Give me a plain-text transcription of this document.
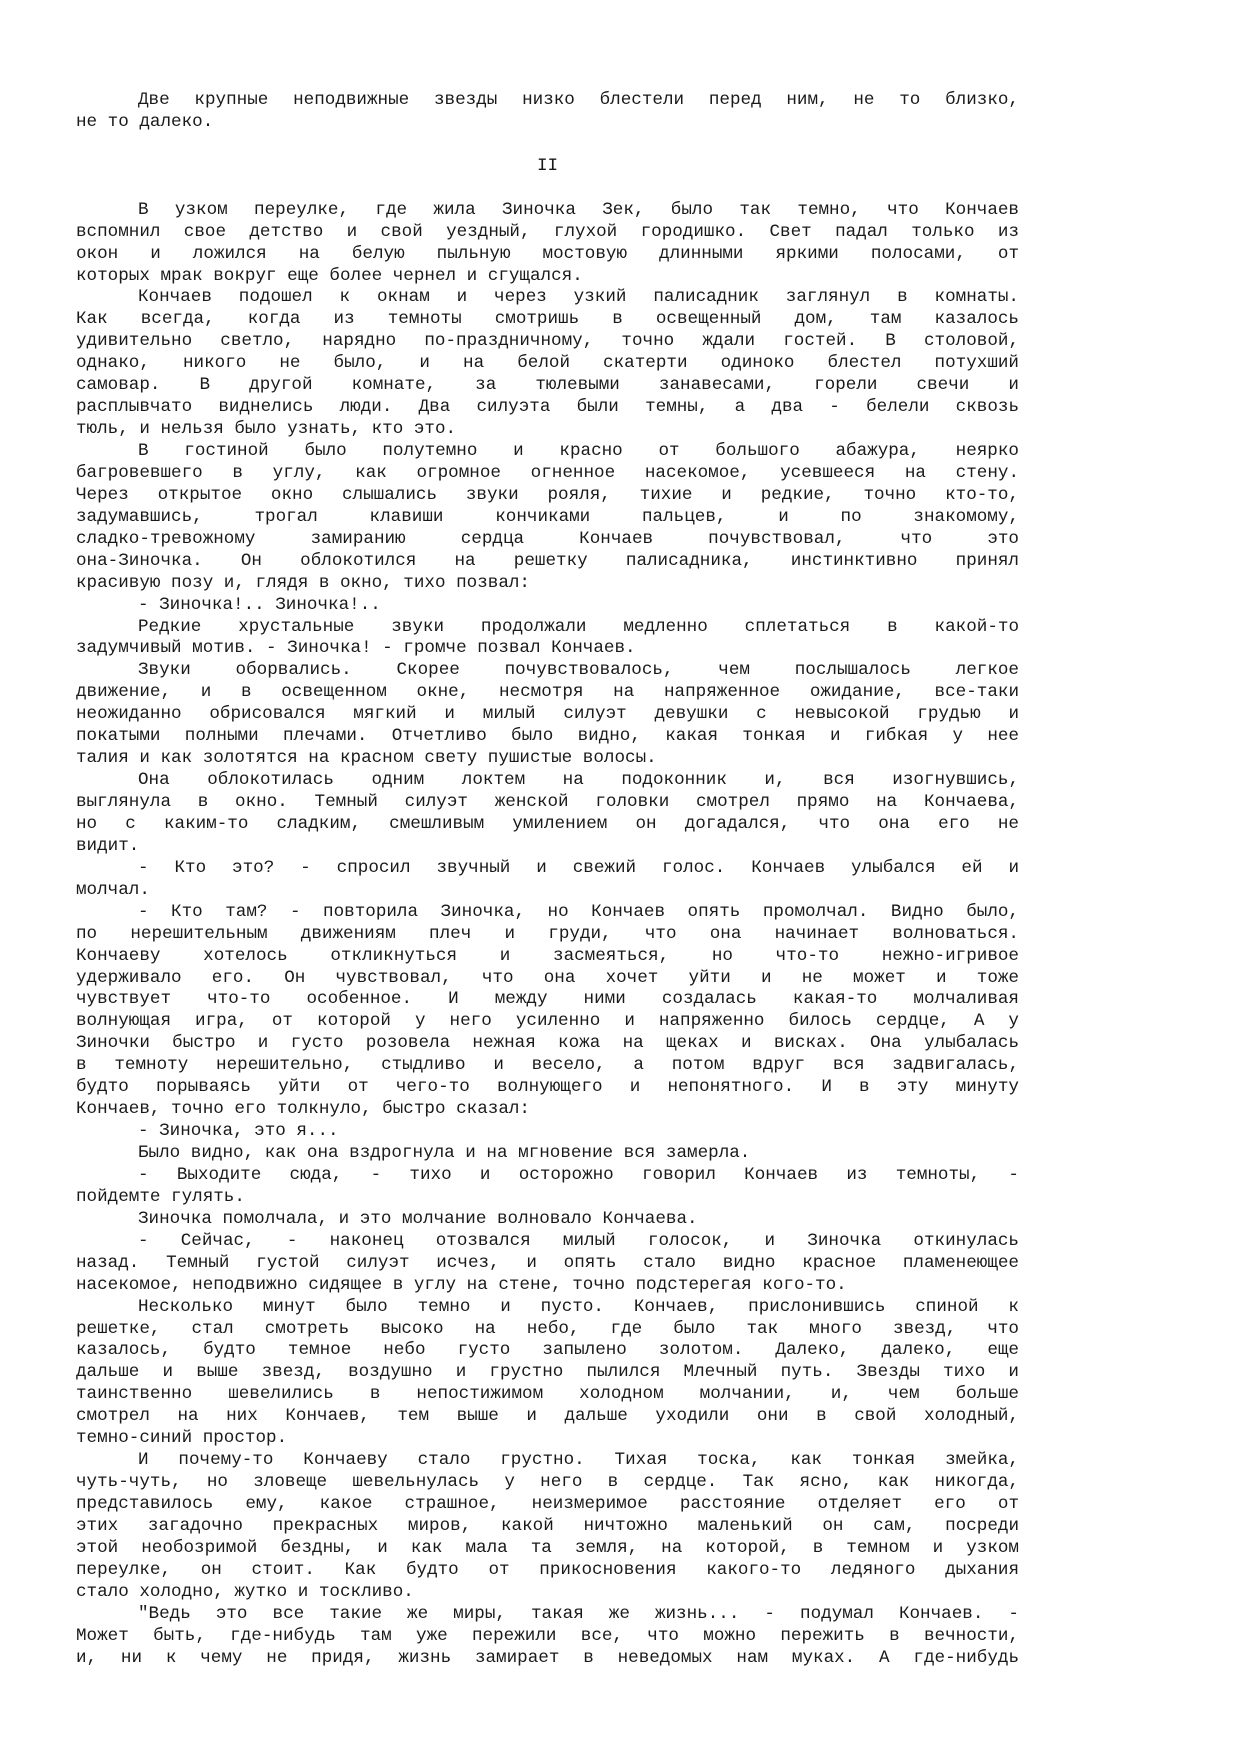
Две крупные неподвижные звезды низко блестели перед ним, не то близко,
не то далеко.
II
В узком переулке, где жила Зиночка Зек, было так темно, что Кончаев
вспомнил свое детство и свой уездный, глухой городишко. Свет падал только из
окон и ложился на белую пыльную мостовую длинными яркими полосами, от
которых мрак вокруг еще более чернел и сгущался.
Кончаев подошел к окнам и через узкий палисадник заглянул в комнаты.
Как всегда, когда из темноты смотришь в освещенный дом, там казалось
удивительно светло, нарядно по-праздничному, точно ждали гостей. В столовой,
однако, никого не было, и на белой скатерти одиноко блестел потухший
самовар. В другой комнате, за тюлевыми занавесами, горели свечи и
расплывчато виднелись люди. Два силуэта были темны, а два - белели сквозь
тюль, и нельзя было узнать, кто это.
В гостиной было полутемно и красно от большого абажура, неярко
багровевшего в углу, как огромное огненное насекомое, усевшееся на стену.
Через открытое окно слышались звуки рояля, тихие и редкие, точно кто-то,
задумавшись, трогал клавиши кончиками пальцев, и по знакомому,
сладко-тревожному замиранию сердца Кончаев почувствовал, что это
она-Зиночка. Он облокотился на решетку палисадника, инстинктивно принял
красивую позу и, глядя в окно, тихо позвал:
- Зиночка!.. Зиночка!..
Редкие хрустальные звуки продолжали медленно сплетаться в какой-то
задумчивый мотив. - Зиночка! - громче позвал Кончаев.
Звуки оборвались. Скорее почувствовалось, чем послышалось легкое
движение, и в освещенном окне, несмотря на напряженное ожидание, все-таки
неожиданно обрисовался мягкий и милый силуэт девушки с невысокой грудью и
покатыми полными плечами. Отчетливо было видно, какая тонкая и гибкая у нее
талия и как золотятся на красном свету пушистые волосы.
Она облокотилась одним локтем на подоконник и, вся изогнувшись,
выглянула в окно. Темный силуэт женской головки смотрел прямо на Кончаева,
но с каким-то сладким, смешливым умилением он догадался, что она его не
видит.
- Кто это? - спросил звучный и свежий голос. Кончаев улыбался ей и
молчал.
- Кто там? - повторила Зиночка, но Кончаев опять промолчал. Видно было,
по нерешительным движениям плеч и груди, что она начинает волноваться.
Кончаеву хотелось откликнуться и засмеяться, но что-то нежно-игривое
удерживало его. Он чувствовал, что она хочет уйти и не может и тоже
чувствует что-то особенное. И между ними создалась какая-то молчаливая
волнующая игра, от которой у него усиленно и напряженно билось сердце, А у
Зиночки быстро и густо розовела нежная кожа на щеках и висках. Она улыбалась
в темноту нерешительно, стыдливо и весело, а потом вдруг вся задвигалась,
будто порываясь уйти от чего-то волнующего и непонятного. И в эту минуту
Кончаев, точно его толкнуло, быстро сказал:
- Зиночка, это я...
Было видно, как она вздрогнула и на мгновение вся замерла.
- Выходите сюда, - тихо и осторожно говорил Кончаев из темноты, -
пойдемте гулять.
Зиночка помолчала, и это молчание волновало Кончаева.
- Сейчас, - наконец отозвался милый голосок, и Зиночка откинулась
назад. Темный густой силуэт исчез, и опять стало видно красное пламенеющее
насекомое, неподвижно сидящее в углу на стене, точно подстерегая кого-то.
Несколько минут было темно и пусто. Кончаев, прислонившись спиной к
решетке, стал смотреть высоко на небо, где было так много звезд, что
казалось, будто темное небо густо запылено золотом. Далеко, далеко, еще
дальше и выше звезд, воздушно и грустно пылился Млечный путь. Звезды тихо и
таинственно шевелились в непостижимом холодном молчании, и, чем больше
смотрел на них Кончаев, тем выше и дальше уходили они в свой холодный,
темно-синий простор.
И почему-то Кончаеву стало грустно. Тихая тоска, как тонкая змейка,
чуть-чуть, но зловеще шевельнулась у него в сердце. Так ясно, как никогда,
представилось ему, какое страшное, неизмеримое расстояние отделяет его от
этих загадочно прекрасных миров, какой ничтожно маленький он сам, посреди
этой необозримой бездны, и как мала та земля, на которой, в темном и узком
переулке, он стоит. Как будто от прикосновения какого-то ледяного дыхания
стало холодно, жутко и тоскливо.
"Ведь это все такие же миры, такая же жизнь... - подумал Кончаев. -
Может быть, где-нибудь там уже пережили все, что можно пережить в вечности,
и, ни к чему не придя, жизнь замирает в неведомых нам муках. А где-нибудь
